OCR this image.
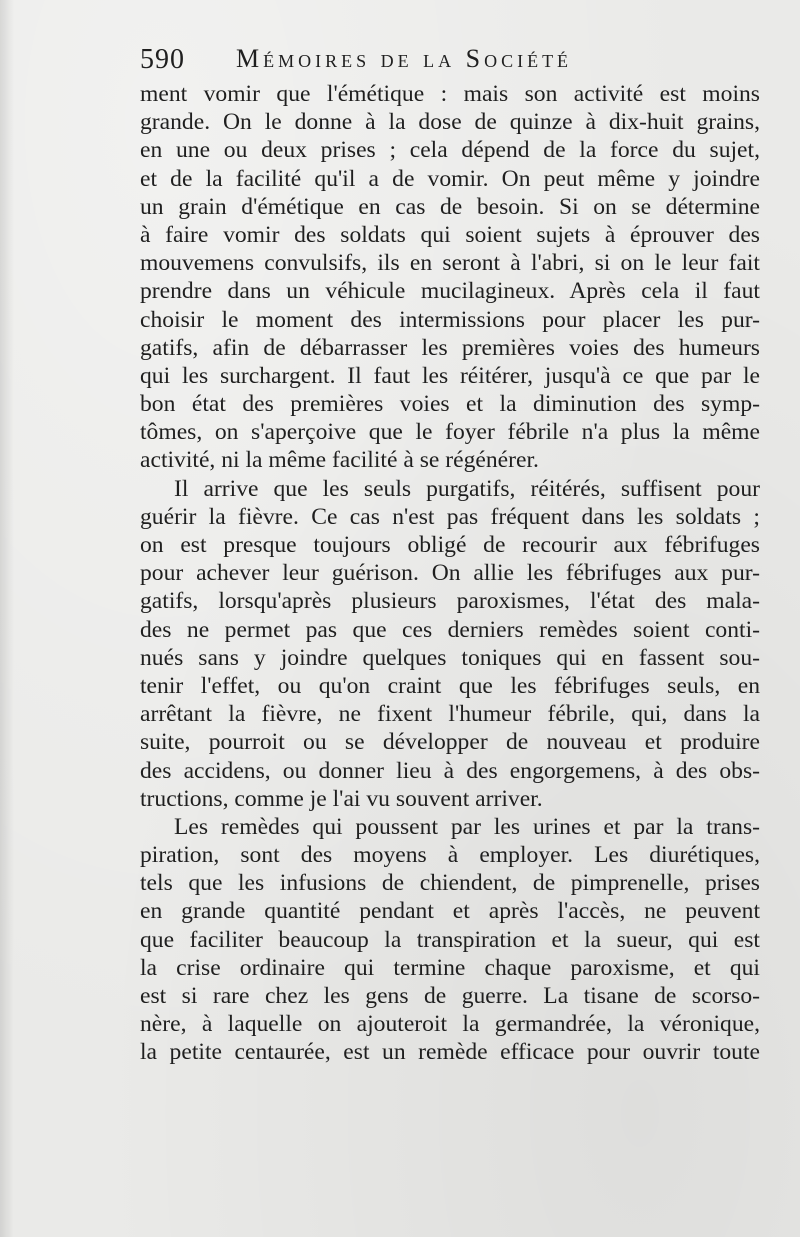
590 Mémoires de la Société
ment vomir que l'émétique : mais son activité est moins
grande. On le donne à la dose de quinze à dix-huit grains,
en une ou deux prises ; cela dépend de la force du sujet,
et de la facilité qu'il a de vomir. On peut même y joindre
un grain d'émétique en cas de besoin. Si on se détermine
à faire vomir des soldats qui soient sujets à éprouver des
mouvemens convulsifs, ils en seront à l'abri, si on le leur fait
prendre dans un véhicule mucilagineux. Après cela il faut
choisir le moment des intermissions pour placer les pur-
gatifs, afin de débarrasser les premières voies des humeurs
qui les surchargent. Il faut les réitérer, jusqu'à ce que par le
bon état des premières voies et la diminution des symp-
tômes, on s'aperçoive que le foyer fébrile n'a plus la même
activité, ni la même facilité à se régénérer.
Il arrive que les seuls purgatifs, réitérés, suffisent pour
guérir la fièvre. Ce cas n'est pas fréquent dans les soldats ;
on est presque toujours obligé de recourir aux fébrifuges
pour achever leur guérison. On allie les fébrifuges aux pur-
gatifs, lorsqu'après plusieurs paroxismes, l'état des mala-
des ne permet pas que ces derniers remèdes soient conti-
nués sans y joindre quelques toniques qui en fassent sou-
tenir l'effet, ou qu'on craint que les fébrifuges seuls, en
arrêtant la fièvre, ne fixent l'humeur fébrile, qui, dans la
suite, pourroit ou se développer de nouveau et produire
des accidens, ou donner lieu à des engorgemens, à des obs-
tructions, comme je l'ai vu souvent arriver.
Les remèdes qui poussent par les urines et par la trans-
piration, sont des moyens à employer. Les diurétiques,
tels que les infusions de chiendent, de pimprenelle, prises
en grande quantité pendant et après l'accès, ne peuvent
que faciliter beaucoup la transpiration et la sueur, qui est
la crise ordinaire qui termine chaque paroxisme, et qui
est si rare chez les gens de guerre. La tisane de scorso-
nère, à laquelle on ajouteroit la germandrée, la véronique,
la petite centaurée, est un remède efficace pour ouvrir toute
